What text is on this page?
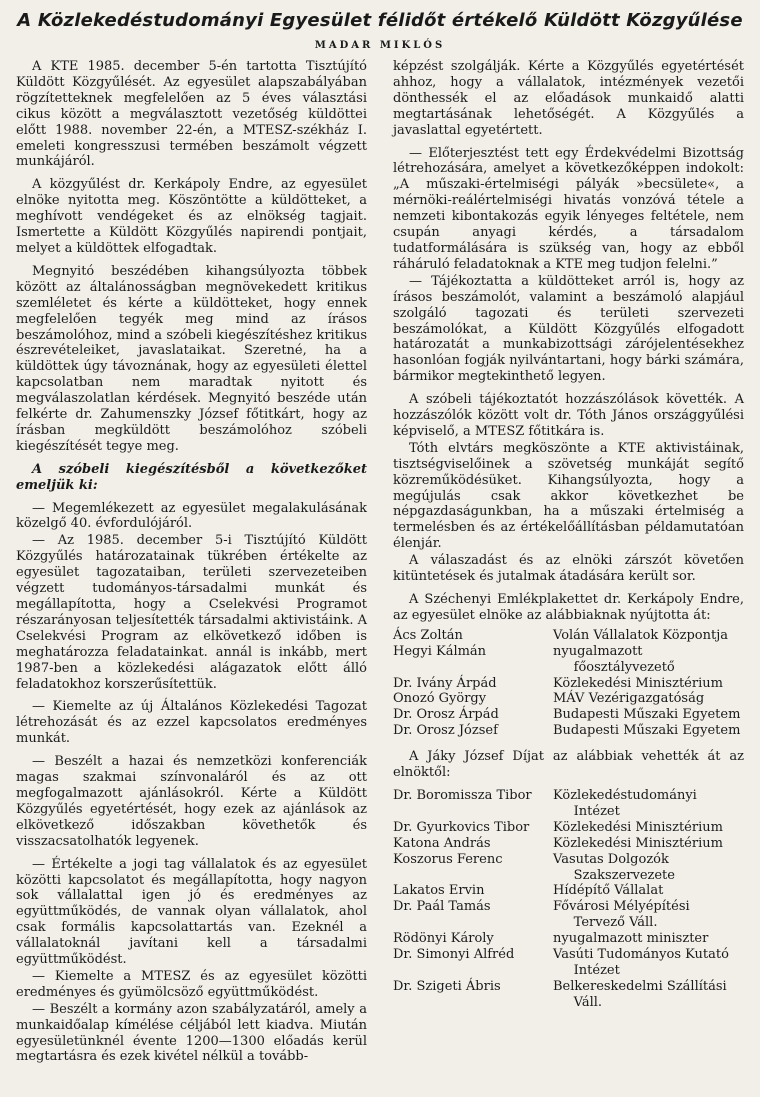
A Közlekedéstudományi Egyesület félidőt értékelő Küldött Közgyűlése
MADAR MIKLÓS

A KTE 1985. december 5-én tartotta Tisztújító Küldött Közgyűlését. Az egyesület alapszabályában rögzítetteknek megfelelően az 5 éves választási cikus között a megválasztott vezetőség küldöttei előtt 1988. november 22-én, a MTESZ-székház I. emeleti kongresszusi termében beszámolt végzett munkájáról.

A közgyűlést dr. Kerkápoly Endre, az egyesület elnöke nyitotta meg. Köszöntötte a küldötteket, a meghívott vendégeket és az elnökség tagjait. Ismertette a Küldött Közgyűlés napirendi pontjait, melyet a küldöttek elfogadtak.

Megnyitó beszédében kihangsúlyozta többek között az általánosságban megnövekedett kritikus szemléletet és kérte a küldötteket, hogy ennek megfelelően tegyék meg mind az írásos beszámolóhoz, mind a szóbeli kiegészítéshez kritikus észrevételeiket, javaslataikat. Szeretné, ha a küldöttek úgy távoznának, hogy az egyesületi élettel kapcsolatban nem maradtak nyitott és megválaszolatlan kérdések. Megnyitó beszéde után felkérte dr. Zahumenszky József főtitkárt, hogy az írásban megküldött beszámolóhoz szóbeli kiegészítését tegye meg.

A szóbeli kiegészítésből a következőket emeljük ki:

— Megemlékezett az egyesület megalakulásának közelgő 40. évfordulójáról.

— Az 1985. december 5-i Tisztújító Küldött Közgyűlés határozatainak tükrében értékelte az egyesület tagozataiban, területi szervezeteiben végzett tudományos-társadalmi munkát és megállapította, hogy a Cselekvési Programot részarányosan teljesítették társadalmi aktivistáink. A Cselekvési Program az elkövetkező időben is meghatározza feladatainkat. annál is inkább, mert 1987-ben a közlekedési alágazatok előtt álló feladatokhoz korszerűsítettük.

— Kiemelte az új Általános Közlekedési Tagozat létrehozását és az ezzel kapcsolatos eredményes munkát.

— Beszélt a hazai és nemzetközi konferenciák magas szakmai színvonaláról és az ott megfogalmazott ajánlásokról. Kérte a Küldött Közgyűlés egyetértését, hogy ezek az ajánlások az elkövetkező időszakban követhetők és visszacsatolhatók legyenek.

— Értékelte a jogi tag vállalatok és az egyesület közötti kapcsolatot és megállapította, hogy nagyon sok vállalattal igen jó és eredményes az együttműködés, de vannak olyan vállalatok, ahol csak formális kapcsolattartás van. Ezeknél a vállalatoknál javítani kell a társadalmi együttműködést.

— Kiemelte a MTESZ és az egyesület közötti eredményes és gyümölcsöző együttműködést.

— Beszélt a kormány azon szabályzatáról, amely a munkaidőalap kímélése céljából lett kiadva. Miután egyesületünknél évente 1200—1300 előadás kerül megtartásra és ezek kivétel nélkül a tovább-

képzést szolgálják. Kérte a Közgyűlés egyetértését ahhoz, hogy a vállalatok, intézmények vezetői dönthessék el az előadások munkaidő alatti megtartásának lehetőségét. A Közgyűlés a javaslattal egyetértett.

— Előterjesztést tett egy Érdekvédelmi Bizottság létrehozására, amelyet a következőképpen indokolt: „A műszaki-értelmiségi pályák »becsülete«, a mérnöki-reálértelmiségi hivatás vonzóvá tétele a nemzeti kibontakozás egyik lényeges feltétele, nem csupán anyagi kérdés, a társadalom tudatformálására is szükség van, hogy az ebből ráháruló feladatoknak a KTE meg tudjon felelni.”

— Tájékoztatta a küldötteket arról is, hogy az írásos beszámolót, valamint a beszámoló alapjául szolgáló tagozati és területi szervezeti beszámolókat, a Küldött Közgyűlés elfogadott határozatát a munkabizottsági zárójelentésekhez hasonlóan fogják nyilvántartani, hogy bárki számára, bármikor megtekinthető legyen.

A szóbeli tájékoztatót hozzászólások követték. A hozzászólók között volt dr. Tóth János országgyűlési képviselő, a MTESZ főtitkára is.

Tóth elvtárs megköszönte a KTE aktivistáinak, tisztségviselőinek a szövetség munkáját segítő közreműködésüket. Kihangsúlyozta, hogy a megújulás csak akkor következhet be népgazdaságunkban, ha a műszaki értelmiség a termelésben és az értékelőállításban példamutatóan élenjár.

A válaszadást és az elnöki zárszót követően kitüntetések és jutalmak átadására került sor.

A Széchenyi Emlékplakettet dr. Kerkápoly Endre, az egyesület elnöke az alábbiaknak nyújtotta át:

Ács Zoltán	Volán Vállalatok Központja
Hegyi Kálmán	nyugalmazott
főosztályvezető
Dr. Ivány Árpád	Közlekedési Minisztérium
Onozó György	MÁV Vezérigazgatóság
Dr. Orosz Árpád	Budapesti Műszaki Egyetem
Dr. Orosz József	Budapesti Műszaki Egyetem

A Jáky József Díjat az alábbiak vehették át az elnöktől:

Dr. Boromissza Tibor	Közlekedéstudományi
Intézet
Dr. Gyurkovics Tibor	Közlekedési Minisztérium
Katona András	Közlekedési Minisztérium
Koszorus Ferenc	Vasutas Dolgozók
Szakszervezete
Lakatos Ervin	Hídépítő Vállalat
Dr. Paál Tamás	Fővárosi Mélyépítési
Tervező Váll.
Rödönyi Károly	nyugalmazott miniszter
Dr. Simonyi Alfréd	Vasúti Tudományos Kutató
Intézet
Dr. Szigeti Ábris	Belkereskedelmi Szállítási
Váll.
